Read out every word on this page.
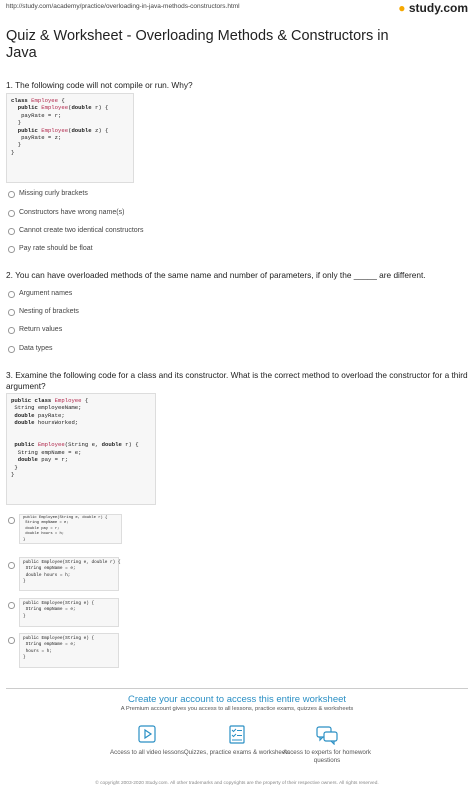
http://study.com/academy/practice/overloading-in-java-methods-constructors.html	● study.com
Quiz & Worksheet - Overloading Methods & Constructors in Java
1. The following code will not compile or run. Why?
class Employee {
public Employee(double r) {
payRate = r;
}
public Employee(double z) {
payRate = z;
}
}
Missing curly brackets
Constructors have wrong name(s)
Cannot create two identical constructors
Pay rate should be float
2. You can have overloaded methods of the same name and number of parameters, if only the _____ are different.
Argument names
Nesting of brackets
Return values
Data types
3. Examine the following code for a class and its constructor. What is the correct method to overload the constructor for a third argument?
public class Employee {
String employeeName;
double payRate;
double hoursWorked;

public Employee(String e, double r) {
String empName = e;
double pay = r;
}
}
public Employee(String e, double r) {
String empName = e;
double pay = r;
double hours = h;
}
public Employee(String e, double r) {
String empName = e;
double hours = h;
}
public Employee(String e) {
String empName = e;
}
public Employee(String e) {
String empName = e;
hours = h;
}
Create your account to access this entire worksheet
A Premium account gives you access to all lessons, practice exams, quizzes & worksheets
Access to all video lessons Quizzes, practice exams & worksheets
Access to experts for homework questions
© copyright 2003-2020 Study.com. All other trademarks and copyrights are the property of their respective owners. All rights reserved.
